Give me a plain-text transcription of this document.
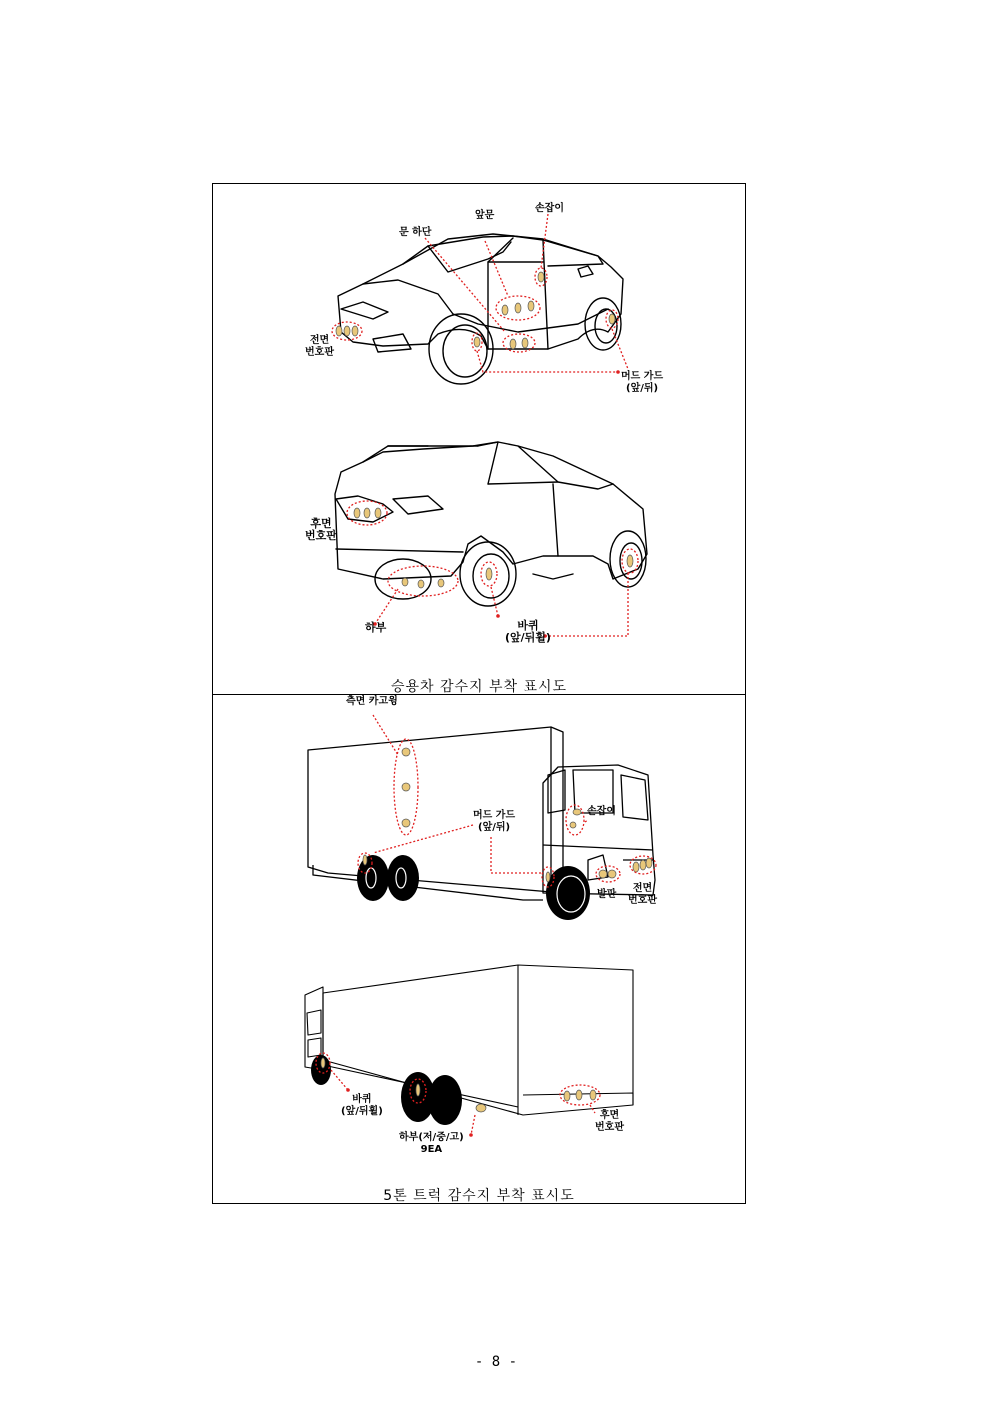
손잡이
앞문
문 하단
전면
번호판
머드 가드
(앞/뒤)
후면
번호판
하부	바퀴
(앞/뒤휠)
승용차 감수지 부착 표시도
측면 카고윙
머드 가드
(앞/뒤)
손잡이
발판
전면
번호판
바퀴
(앞/뒤휠)
하부(저/중/고)
9EA
후면
번호판
5톤 트럭 감수지 부착 표시도
- 8 -
